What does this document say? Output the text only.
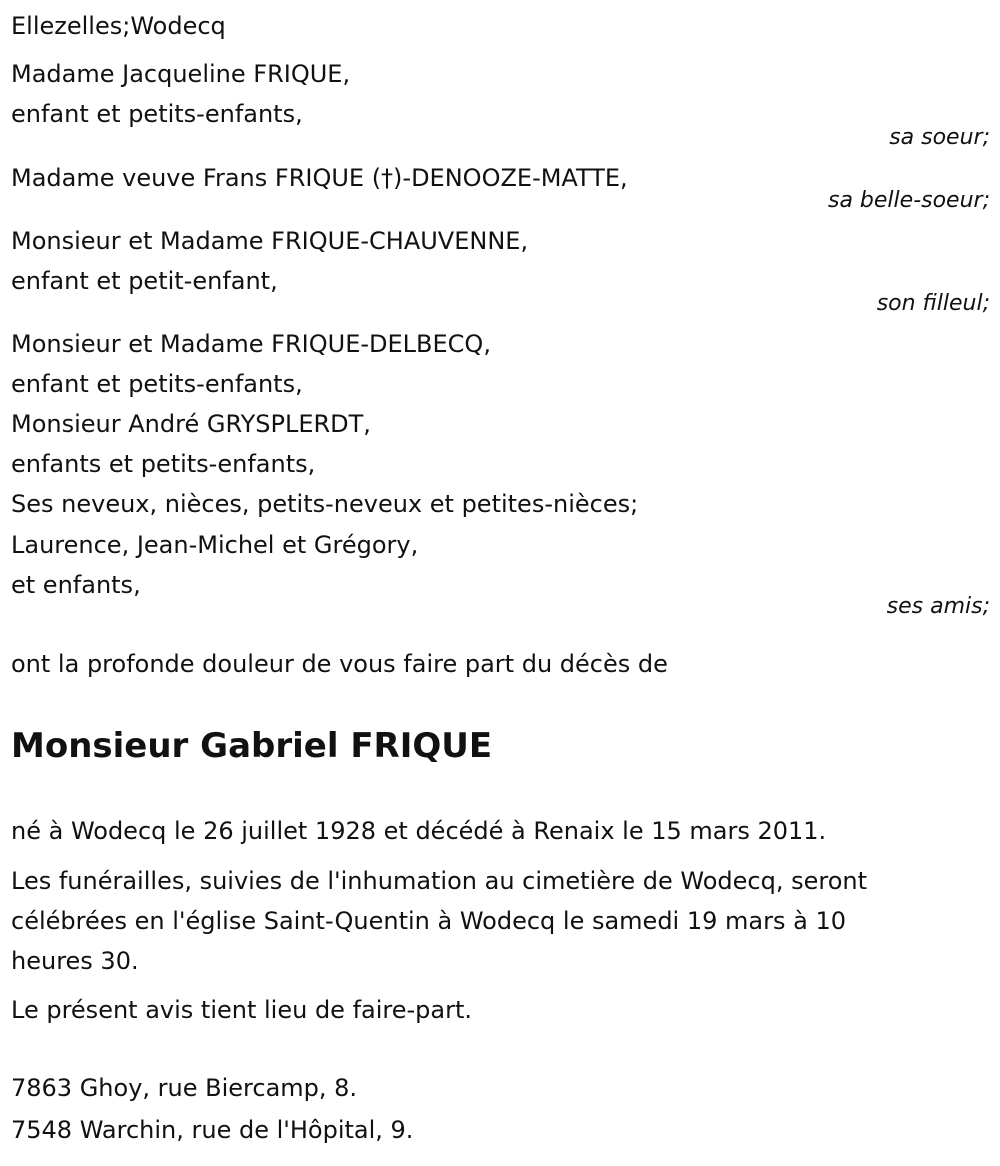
Ellezelles;Wodecq
Madame Jacqueline FRIQUE,
enfant et petits-enfants,
sa soeur;
Madame veuve Frans FRIQUE (†)-DENOOZE-MATTE,
sa belle-soeur;
Monsieur et Madame FRIQUE-CHAUVENNE,
enfant et petit-enfant,
son filleul;
Monsieur et Madame FRIQUE-DELBECQ,
enfant et petits-enfants,
Monsieur André GRYSPLERDT,
enfants et petits-enfants,
Ses neveux, nièces, petits-neveux et petites-nièces;
Laurence, Jean-Michel et Grégory,
et enfants,
ses amis;
ont la profonde douleur de vous faire part du décès de
Monsieur Gabriel FRIQUE
né à Wodecq le 26 juillet 1928 et décédé à Renaix le 15 mars 2011.
Les funérailles, suivies de l'inhumation au cimetière de Wodecq, seront
célébrées en l'église Saint-Quentin à Wodecq le samedi 19 mars à 10
heures 30.
Le présent avis tient lieu de faire-part.
7863 Ghoy, rue Biercamp, 8.
7548 Warchin, rue de l'Hôpital, 9.
